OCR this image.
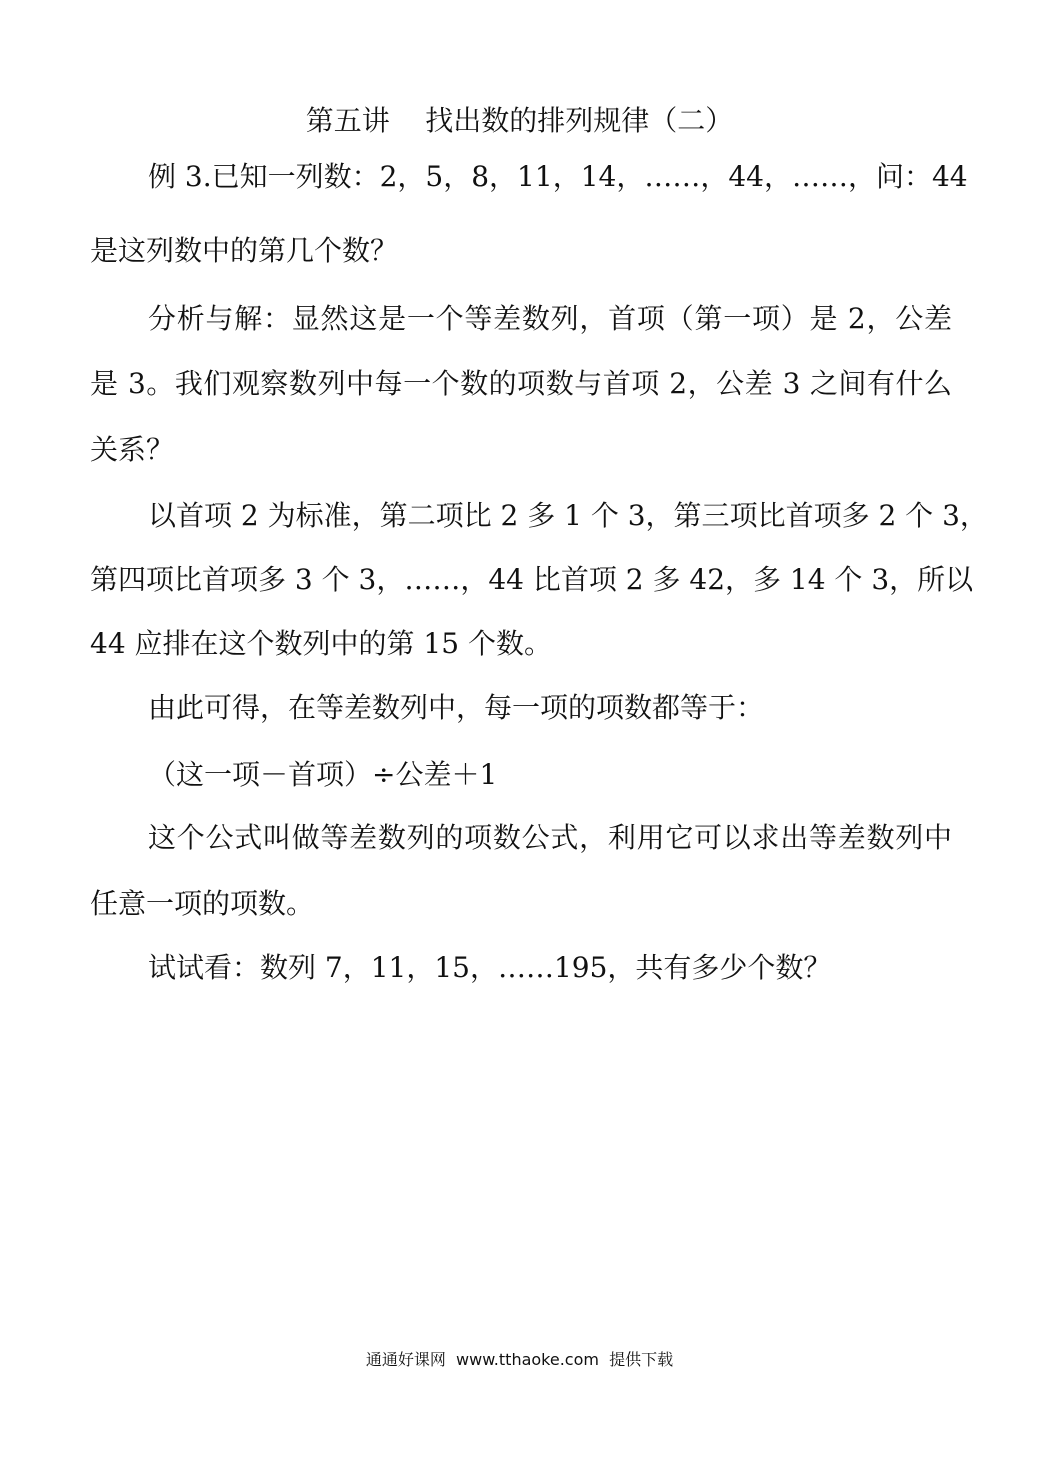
第五讲    找出数的排列规律（二）
例 3.已知一列数：2，5，8，11，14，……，44，……，问：44
是这列数中的第几个数？
分析与解：显然这是一个等差数列，首项（第一项）是 2，公差
是 3。我们观察数列中每一个数的项数与首项 2，公差 3 之间有什么
关系？
以首项 2 为标准，第二项比 2 多 1 个 3，第三项比首项多 2 个 3，
第四项比首项多 3 个 3，……，44 比首项 2 多 42，多 14 个 3，所以
44 应排在这个数列中的第 15 个数。
由此可得，在等差数列中，每一项的项数都等于：
（这一项－首项）÷公差＋1
这个公式叫做等差数列的项数公式，利用它可以求出等差数列中
任意一项的项数。
试试看：数列 7，11，15，……195，共有多少个数？
通通好课网  www.tthaoke.com  提供下载
